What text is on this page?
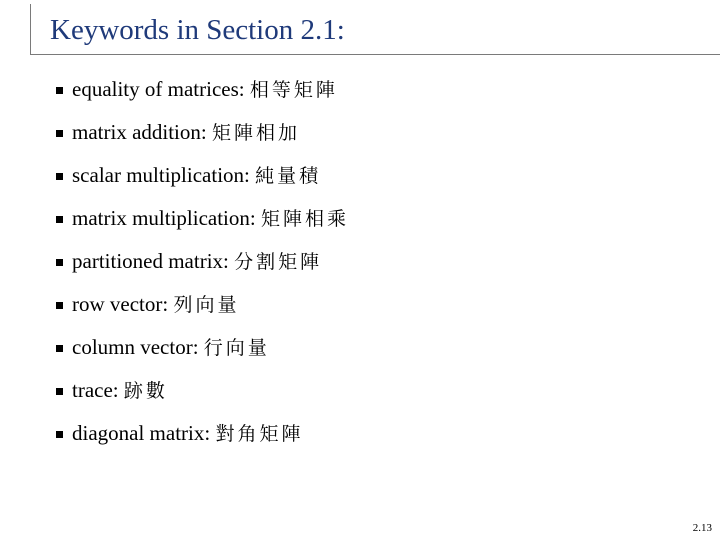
Keywords in Section 2.1:
equality of matrices: 相等矩陣
matrix addition: 矩陣相加
scalar multiplication: 純量積
matrix multiplication: 矩陣相乘
partitioned matrix: 分割矩陣
row vector: 列向量
column vector: 行向量
trace: 跡數
diagonal matrix: 對角矩陣
2.13
